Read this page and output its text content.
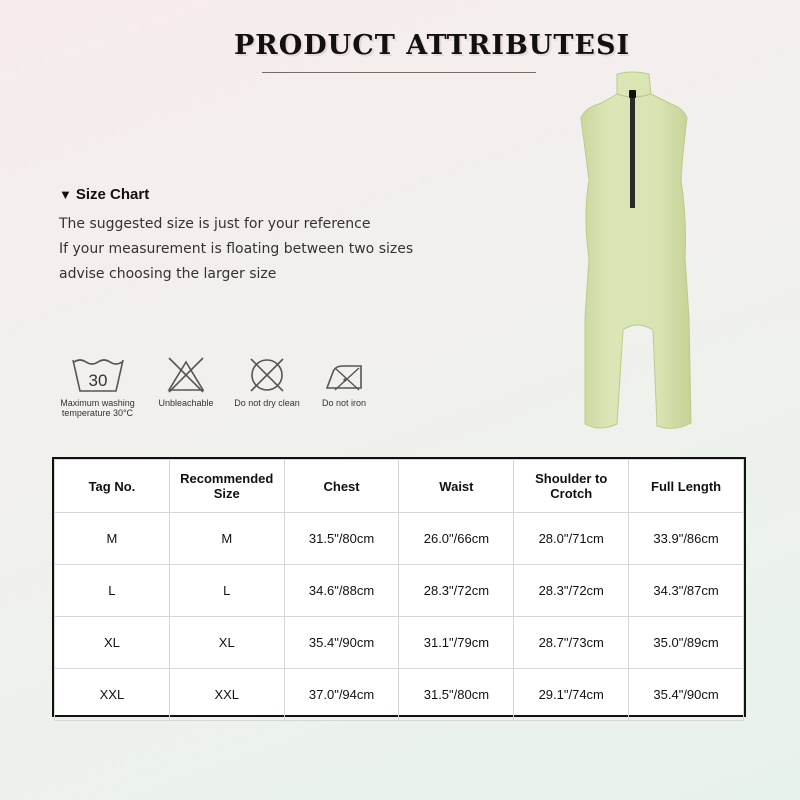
PRODUCT ATTRIBUTESI
▼ Size Chart
The suggested size is just for your reference
If your measurement is floating between two sizes
advise choosing the larger size
30
Maximum washing
temperature 30°C
Unbleachable	Do not dry clean	Do not iron
Tag No.	Recommended Size	Chest	Waist	Shoulder to Crotch	Full Length
M	M	31.5"/80cm	26.0"/66cm	28.0"/71cm	33.9"/86cm
L	L	34.6"/88cm	28.3"/72cm	28.3"/72cm	34.3"/87cm
XL	XL	35.4"/90cm	31.1"/79cm	28.7"/73cm	35.0"/89cm
XXL	XXL	37.0"/94cm	31.5"/80cm	29.1"/74cm	35.4"/90cm
